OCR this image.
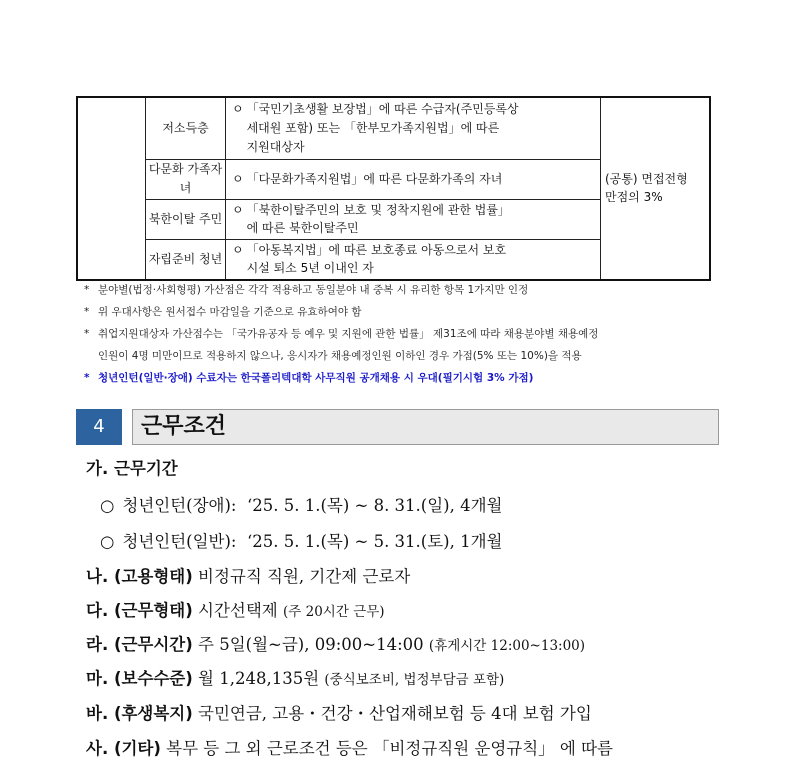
	저소득층	ㅇ 「국민기초생활 보장법」에 따른 수급자(주민등록상
세대원 포함) 또는 「한부모가족지원법」에 따른
지원대상자	(공통) 면접전형 만점의 3%
	다문화 가족자녀	ㅇ 「다문화가족지원법」에 따른 다문화가족의 자녀	

	북한이탈 주민	ㅇ 「북한이탈주민의 보호 및 정착지원에 관한 법률」
에 따른 북한이탈주민	

	자립준비 청년	ㅇ 「아동복지법」에 따른 보호종료 아동으로서 보호
시설 퇴소 5년 이내인 자	
* 분야별(법정·사회형평) 가산점은 각각 적용하고 동일분야 내 중복 시 유리한 항목 1가지만 인정
* 위 우대사항은 원서접수 마감일을 기준으로 유효하여야 함
* 취업지원대상자 가산점수는 「국가유공자 등 예우 및 지원에 관한 법률」 제31조에 따라 채용분야별 채용예정
인원이 4명 미만이므로 적용하지 않으나, 응시자가 채용예정인원 이하인 경우 가점(5% 또는 10%)을 적용
* 청년인턴(일반·장애) 수료자는 한국폴리텍대학 사무직원 공개채용 시 우대(필기시험 3% 가점)
4	근무조건
가. 근무기간
○ 청년인턴(장애): ‘25. 5. 1.(목) ~ 8. 31.(일), 4개월
○ 청년인턴(일반): ‘25. 5. 1.(목) ~ 5. 31.(토), 1개월
나. (고용형태) 비정규직 직원, 기간제 근로자
다. (근무형태) 시간선택제 (주 20시간 근무)
라. (근무시간) 주 5일(월~금), 09:00~14:00 (휴게시간 12:00~13:00)
마. (보수수준) 월 1,248,135원 (중식보조비, 법정부담금 포함)
바. (후생복지) 국민연금, 고용・건강・산업재해보험 등 4대 보험 가입
사. (기타) 복무 등 그 외 근로조건 등은 「비정규직원 운영규칙」 에 따름
